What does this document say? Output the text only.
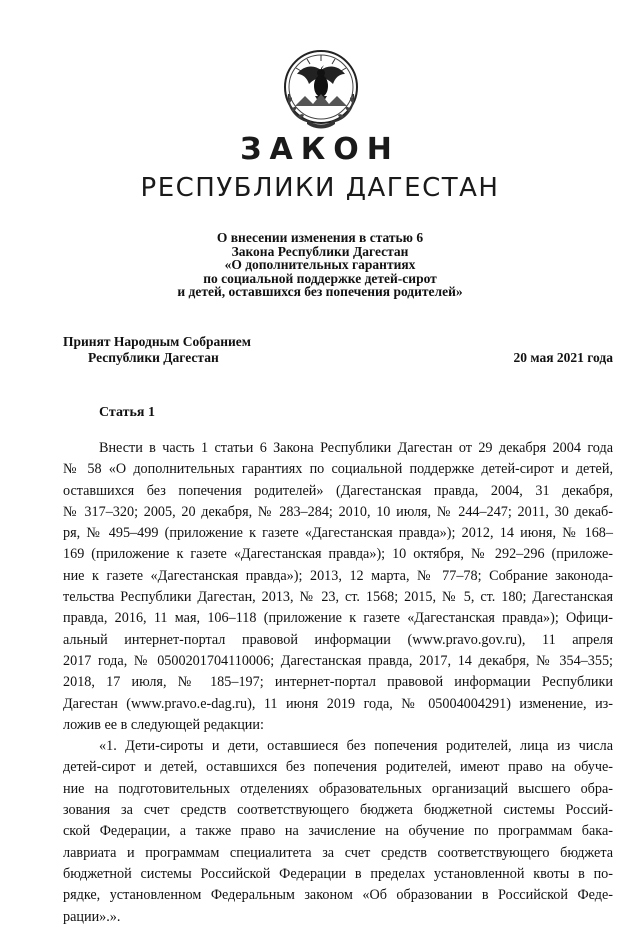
ЗАКОН
РЕСПУБЛИКИ ДАГЕСТАН
О внесении изменения в статью 6
Закона Республики Дагестан
«О дополнительных гарантиях
по социальной поддержке детей-сирот
и детей, оставшихся без попечения родителей»
Принят Народным Собранием
Республики Дагестан	20 мая 2021 года
Статья 1
Внести в часть 1 статьи 6 Закона Республики Дагестан от 29 декабря 2004 года
№ 58 «О дополнительных гарантиях по социальной поддержке детей-сирот и детей,
оставшихся без попечения родителей» (Дагестанская правда, 2004, 31 декабря,
№ 317–320; 2005, 20 декабря, № 283–284; 2010, 10 июля, № 244–247; 2011, 30 декаб-
ря, № 495–499 (приложение к газете «Дагестанская правда»); 2012, 14 июня, № 168–
169 (приложение к газете «Дагестанская правда»); 10 октября, № 292–296 (приложе-
ние к газете «Дагестанская правда»); 2013, 12 марта, № 77–78; Собрание законода-
тельства Республики Дагестан, 2013, № 23, ст. 1568; 2015, № 5, ст. 180; Дагестанская
правда, 2016, 11 мая, 106–118 (приложение к газете «Дагестанская правда»); Офици-
альный интернет-портал правовой информации (www.pravo.gov.ru), 11 апреля
2017 года, № 0500201704110006; Дагестанская правда, 2017, 14 декабря, № 354–355;
2018, 17 июля, № 185–197; интернет-портал правовой информации Республики
Дагестан (www.pravo.e-dag.ru), 11 июня 2019 года, № 05004004291) изменение, из-
ложив ее в следующей редакции:
«1. Дети-сироты и дети, оставшиеся без попечения родителей, лица из числа
детей-сирот и детей, оставшихся без попечения родителей, имеют право на обуче-
ние на подготовительных отделениях образовательных организаций высшего обра-
зования за счет средств соответствующего бюджета бюджетной системы Россий-
ской Федерации, а также право на зачисление на обучение по программам бака-
лавриата и программам специалитета за счет средств соответствующего бюджета
бюджетной системы Российской Федерации в пределах установленной квоты в по-
рядке, установленном Федеральным законом «Об образовании в Российской Феде-
рации».».
